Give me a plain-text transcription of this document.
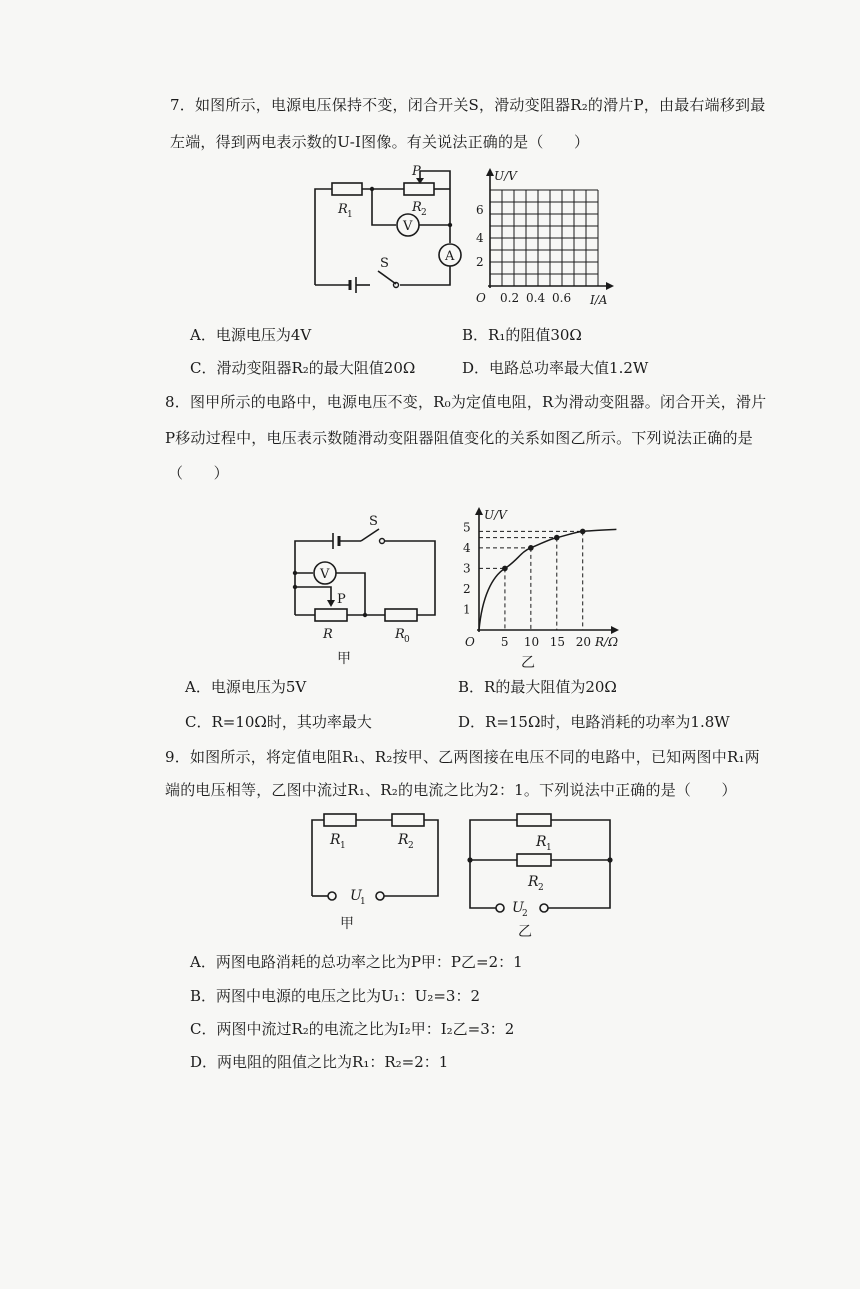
7．如图所示，电源电压保持不变，闭合开关S，滑动变阻器R₂的滑片P，由最右端移到最
左端，得到两电表示数的U-I图像。有关说法正确的是（　　）
P
V
A
S
R 1	R 2
U/V
I/A
O
2
4
6
0.2 0.4 0.6
A．电源电压为4V	B．R₁的阻值30Ω
C．滑动变阻器R₂的最大阻值20Ω	D．电路总功率最大值1.2W
8．图甲所示的电路中，电源电压不变，R₀为定值电阻，R为滑动变阻器。闭合开关，滑片
P移动过程中，电压表示数随滑动变阻器阻值变化的关系如图乙所示。下列说法正确的是
（　　）
S
V
P
R	R 0
甲
U/V
R/Ω
O
乙
5 10 15 20
1
2
3
4
5
A．电源电压为5V	B．R的最大阻值为20Ω
C．R=10Ω时，其功率最大	D．R=15Ω时，电路消耗的功率为1.8W
9．如图所示，将定值电阻R₁、R₂按甲、乙两图接在电压不同的电路中，已知两图中R₁两
端的电压相等，乙图中流过R₁、R₂的电流之比为2：1。下列说法中正确的是（　　）
R 1	R 2
U
1
甲
R 1
R 2
U
2
乙
A．两图电路消耗的总功率之比为P甲：P乙=2：1
B．两图中电源的电压之比为U₁：U₂=3：2
C．两图中流过R₂的电流之比为I₂甲：I₂乙=3：2
D．两电阻的阻值之比为R₁：R₂=2：1
